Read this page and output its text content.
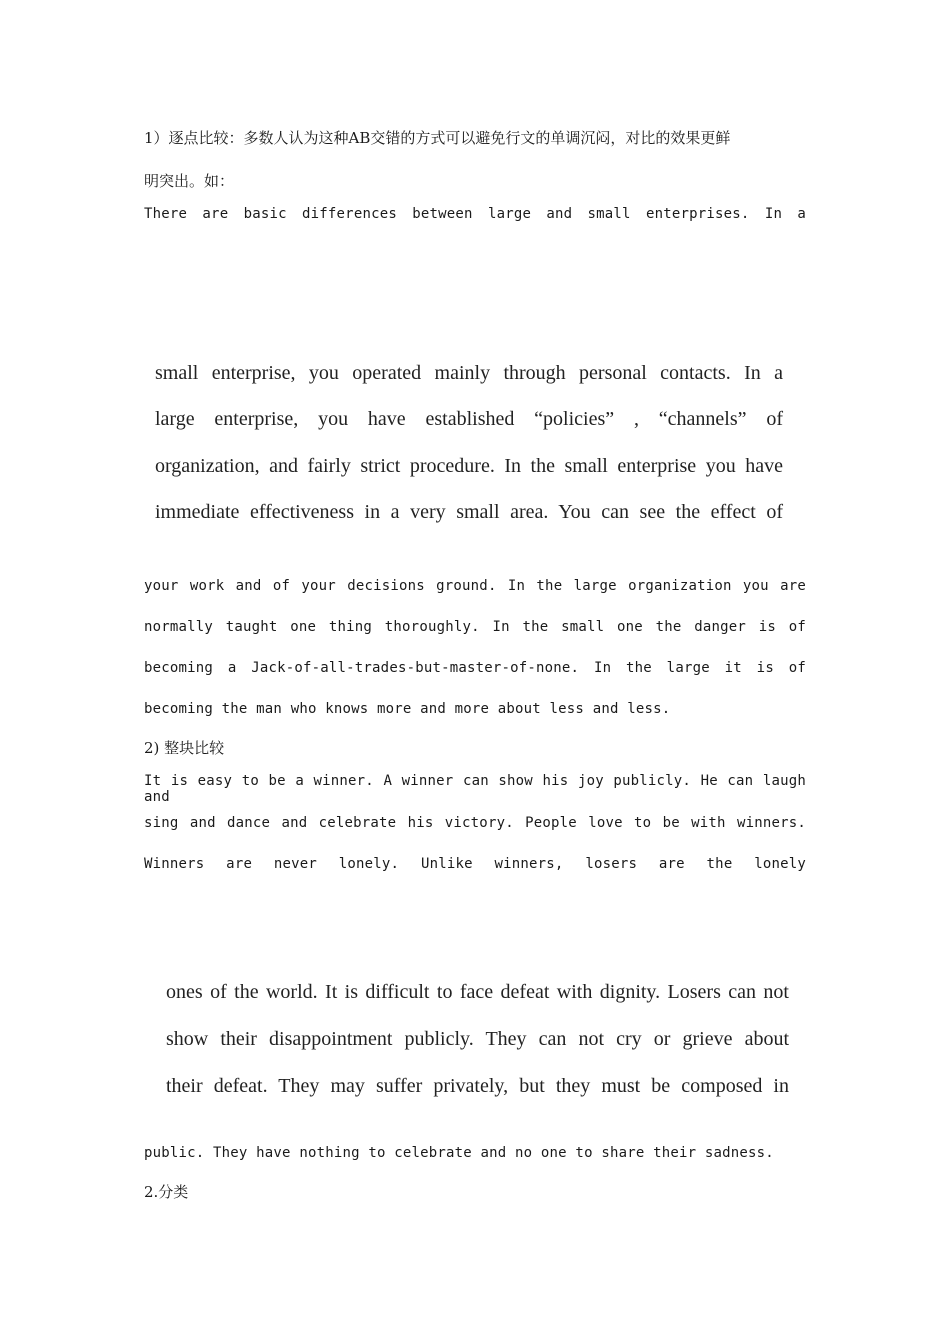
1）逐点比较：多数人认为这种AB交错的方式可以避免行文的单调沉闷，对比的效果更鲜
明突出。如：
There are basic differences between large and small enterprises. In a
small enterprise, you operated mainly through personal contacts. In a
large enterprise, you have established “policies” , “channels” of
organization, and fairly strict procedure. In the small enterprise you have
immediate effectiveness in a very small area. You can see the effect of
your work and of your decisions ground. In the large organization you are
normally taught one thing thoroughly. In the small one the danger is of
becoming a Jack-of-all-trades-but-master-of-none. In the large it is of
becoming the man who knows more and more about less and less.
2) 整块比较
It is easy to be a winner. A winner can show his joy publicly. He can laugh and
sing and dance and celebrate his victory. People love to be with winners.
Winners are never lonely. Unlike winners, losers are the lonely
ones of the world. It is difficult to face defeat with dignity. Losers can not
show their disappointment publicly. They can not cry or grieve about
their defeat. They may suffer privately, but they must be composed in
public. They have nothing to celebrate and no one to share their sadness.
2.分类
